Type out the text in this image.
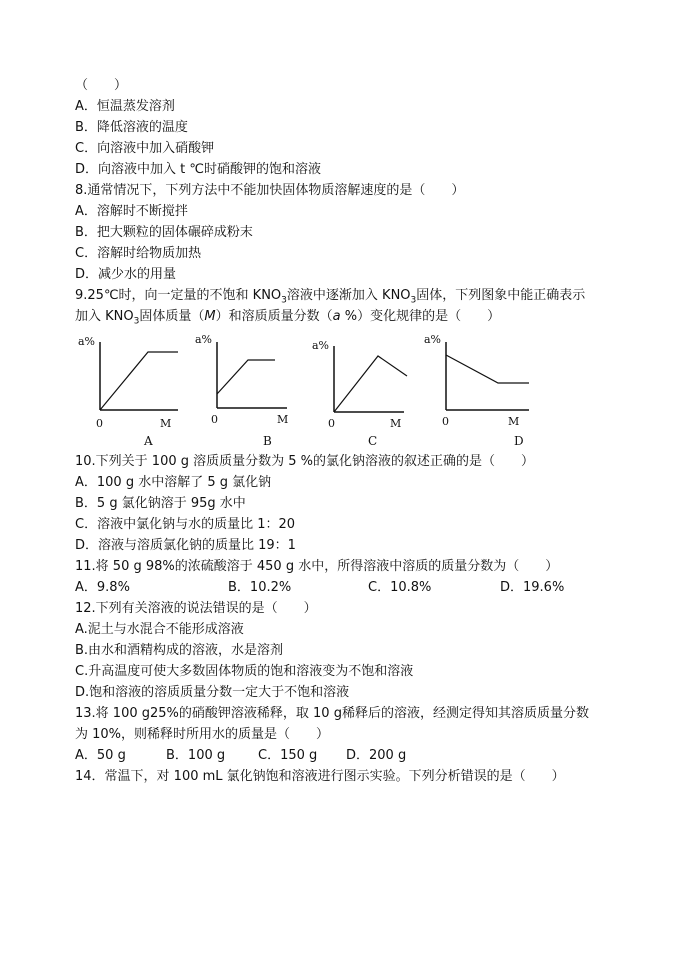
（　　）
A．恒温蒸发溶剂
B．降低溶液的温度
C．向溶液中加入硝酸钾
D．向溶液中加入 t ℃时硝酸钾的饱和溶液
8.通常情况下，下列方法中不能加快固体物质溶解速度的是（　　）
A．溶解时不断搅拌
B．把大颗粒的固体碾碎成粉末
C．溶解时给物质加热
D．减少水的用量
9.25℃时，向一定量的不饱和 $KNO_3$溶液中逐渐加入 $KNO_3$固体，下列图象中能正确表示
加入 $KNO_3$固体质量（M）和溶质质量分数（a %）变化规律的是（　　）
a%
0	M
A
a%
0	M
B
a%
0	M
C
a%
0	M
D
10.下列关于 100 g 溶质质量分数为 5 %的氯化钠溶液的叙述正确的是（　　）
A．100 g 水中溶解了 5 g 氯化钠
B．5 g 氯化钠溶于 95g 水中
C．溶液中氯化钠与水的质量比 1：20
D．溶液与溶质氯化钠的质量比 19：1
11.将 50 g 98%的浓硫酸溶于 450 g 水中，所得溶液中溶质的质量分数为（　　）
A．9.8%	B．10.2%	C．10.8%	D．19.6%
12.下列有关溶液的说法错误的是（　　）
A.泥土与水混合不能形成溶液
B.由水和酒精构成的溶液，水是溶剂
C.升高温度可使大多数固体物质的饱和溶液变为不饱和溶液
D.饱和溶液的溶质质量分数一定大于不饱和溶液
13.将 100 g25%的硝酸钾溶液稀释，取 10 g稀释后的溶液，经测定得知其溶质质量分数
为 10%，则稀释时所用水的质量是（　　）
A．50 g	B．100 g	C．150 g D．200 g
14．常温下，对 100 mL 氯化钠饱和溶液进行图示实验。下列分析错误的是（　　）
